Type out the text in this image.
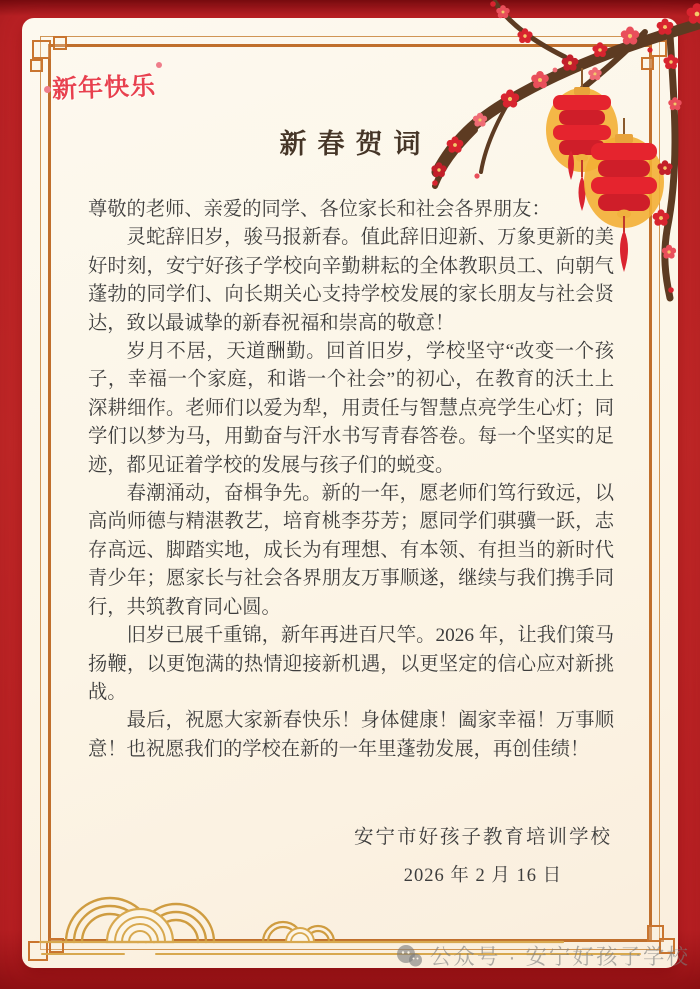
新年快乐
新春贺词

尊敬的老师、亲爱的同学、各位家长和社会各界朋友：

灵蛇辞旧岁，骏马报新春。值此辞旧迎新、万象更新的美好时刻，安宁好孩子学校向辛勤耕耘的全体教职员工、向朝气蓬勃的同学们、向长期关心支持学校发展的家长朋友与社会贤达，致以最诚挚的新春祝福和崇高的敬意！

岁月不居，天道酬勤。回首旧岁，学校坚守“改变一个孩子，幸福一个家庭，和谐一个社会”的初心，在教育的沃土上深耕细作。老师们以爱为犁，用责任与智慧点亮学生心灯；同学们以梦为马，用勤奋与汗水书写青春答卷。每一个坚实的足迹，都见证着学校的发展与孩子们的蜕变。

春潮涌动，奋楫争先。新的一年，愿老师们笃行致远，以高尚师德与精湛教艺，培育桃李芬芳；愿同学们骐骥一跃，志存高远、脚踏实地，成长为有理想、有本领、有担当的新时代青少年；愿家长与社会各界朋友万事顺遂，继续与我们携手同行，共筑教育同心圆。

旧岁已展千重锦，新年再进百尺竿。2026 年，让我们策马扬鞭，以更饱满的热情迎接新机遇，以更坚定的信心应对新挑战。

最后，祝愿大家新春快乐！身体健康！阖家幸福！万事顺意！也祝愿我们的学校在新的一年里蓬勃发展，再创佳绩！

安宁市好孩子教育培训学校
2026 年 2 月 16 日
公众号 · 安宁好孩子学校
